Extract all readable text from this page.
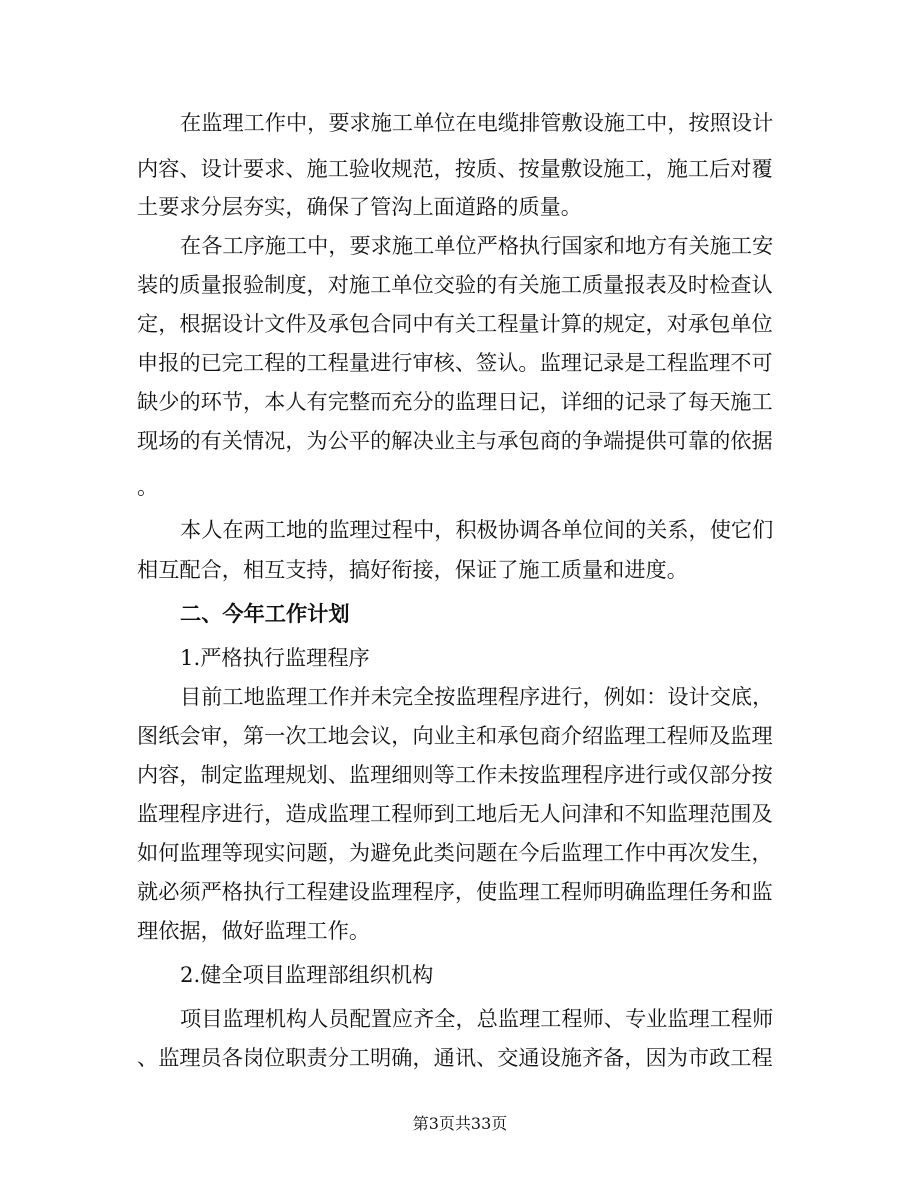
在监理工作中，要求施工单位在电缆排管敷设施工中，按照设计
内容、设计要求、施工验收规范，按质、按量敷设施工，施工后对覆
土要求分层夯实，确保了管沟上面道路的质量。
在各工序施工中，要求施工单位严格执行国家和地方有关施工安
装的质量报验制度，对施工单位交验的有关施工质量报表及时检查认
定，根据设计文件及承包合同中有关工程量计算的规定，对承包单位
申报的已完工程的工程量进行审核、签认。监理记录是工程监理不可
缺少的环节，本人有完整而充分的监理日记，详细的记录了每天施工
现场的有关情况，为公平的解决业主与承包商的争端提供可靠的依据
。
本人在两工地的监理过程中，积极协调各单位间的关系，使它们
相互配合，相互支持，搞好衔接，保证了施工质量和进度。
二、今年工作计划
1.严格执行监理程序
目前工地监理工作并未完全按监理程序进行，例如：设计交底，
图纸会审，第一次工地会议，向业主和承包商介绍监理工程师及监理
内容，制定监理规划、监理细则等工作未按监理程序进行或仅部分按
监理程序进行，造成监理工程师到工地后无人问津和不知监理范围及
如何监理等现实问题，为避免此类问题在今后监理工作中再次发生，
就必须严格执行工程建设监理程序，使监理工程师明确监理任务和监
理依据，做好监理工作。
2.健全项目监理部组织机构
项目监理机构人员配置应齐全，总监理工程师、专业监理工程师
、监理员各岗位职责分工明确，通讯、交通设施齐备，因为市政工程
第3页共33页
